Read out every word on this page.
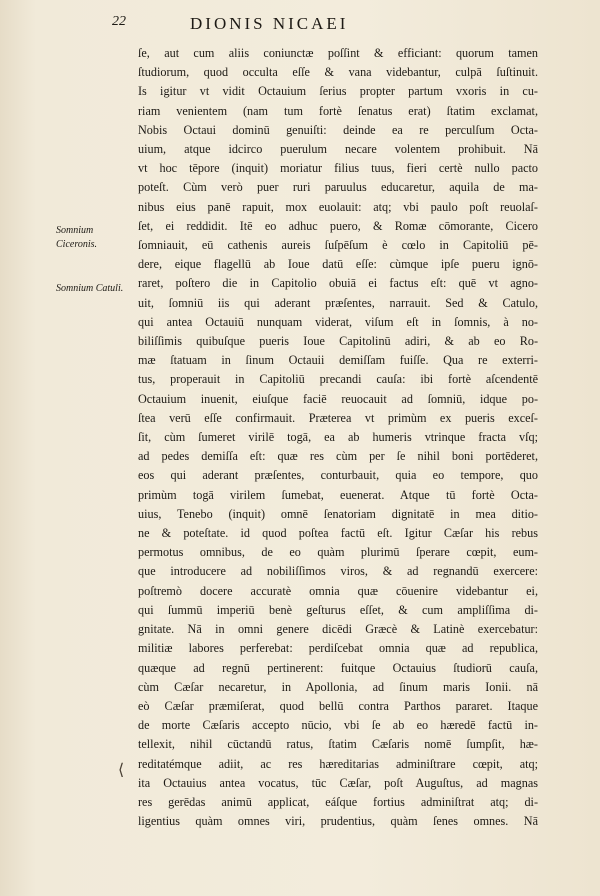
22	DIONIS NICAEI
Somnium Ciceronis.
Somnium Catuli.
ſe, aut cum aliis coniunctæ poſſint & efficiant: quorum tamen
ſtudiorum, quod occulta eſſe & vana videbantur, culpā ſuſtinuit.
Is igitur vt vidit Octauium ſerius propter partum vxoris in cu-
riam venientem (nam tum fortè ſenatus erat) ſtatim exclamat,
Nobis Octaui dominū genuiſti: deinde ea re perculſum Octa-
uium, atque idcirco puerulum necare volentem prohibuit. Nā
vt hoc tēpore (inquit) moriatur filius tuus, fieri certè nullo pacto
poteſt. Cùm verò puer ruri paruulus educaretur, aquila de ma-
nibus eius panē rapuit, mox euolauit: atq; vbi paulo poſt reuolaſ-
ſet, ei reddidit. Itē eo adhuc puero, & Romæ cōmorante, Cicero
ſomniauit, eū cathenis aureis ſuſpēſum è cœlo in Capitoliū pē-
dere, eique flagellū ab Ioue datū eſſe: cùmque ipſe pueru ignō-
raret, poſtero die in Capitolio obuiā ei factus eſt: quē vt agno-
uit, ſomniū iis qui aderant præſentes, narrauit. Sed & Catulo,
qui antea Octauiū nunquam viderat, viſum eſt in ſomnis, à no-
biliſſimis quibuſque pueris Ioue Capitolinū adiri, & ab eo Ro-
mæ ſtatuam in ſinum Octauii demiſſam fuiſſe. Qua re exterri-
tus, properauit in Capitoliū precandi cauſa: ibi fortè aſcendentē
Octauium inuenit, eiuſque faciē reuocauit ad ſomniū, idque po-
ſtea verū eſſe confirmauit. Præterea vt primùm ex pueris exceſ-
ſit, cùm ſumeret virilē togā, ea ab humeris vtrinque fracta vſq;
ad pedes demiſſa eſt: quæ res cùm per ſe nihil boni portēderet,
eos qui aderant præſentes, conturbauit, quia eo tempore, quo
primùm togā virilem ſumebat, euenerat. Atque tū fortè Octa-
uius, Tenebo (inquit) omnē ſenatoriam dignitatē in mea ditio-
ne & poteſtate. id quod poſtea factū eſt. Igitur Cæſar his rebus
permotus omnibus, de eo quàm plurimū ſperare cœpit, eum-
que introducere ad nobiliſſimos viros, & ad regnandū exercere:
poſtremò docere accuratè omnia quæ cōuenire videbantur ei,
qui ſummū imperiū benè geſturus eſſet, & cum ampliſſima di-
gnitate. Nā in omni genere dicēdi Græcè & Latinè exercebatur:
militiæ labores perferebat: perdiſcebat omnia quæ ad republica,
quæque ad regnū pertinerent: fuitque Octauius ſtudiorū cauſa,
cùm Cæſar necaretur, in Apollonia, ad ſinum maris Ionii. nā
eò Cæſar præmiſerat, quod bellū contra Parthos pararet. Itaque
de morte Cæſaris accepto nūcio, vbi ſe ab eo hæredē factū in-
tellexit, nihil cūctandū ratus, ſtatim Cæſaris nomē ſumpſit, hæ-
reditatémque adiit, ac res hæreditarias adminiſtrare cœpit, atq;
ita Octauius antea vocatus, tūc Cæſar, poſt Auguſtus, ad magnas
res gerēdas animū applicat, eáſque fortius adminiſtrat atq; di-
ligentius quàm omnes viri, prudentius, quàm ſenes omnes. Nā
⟨
